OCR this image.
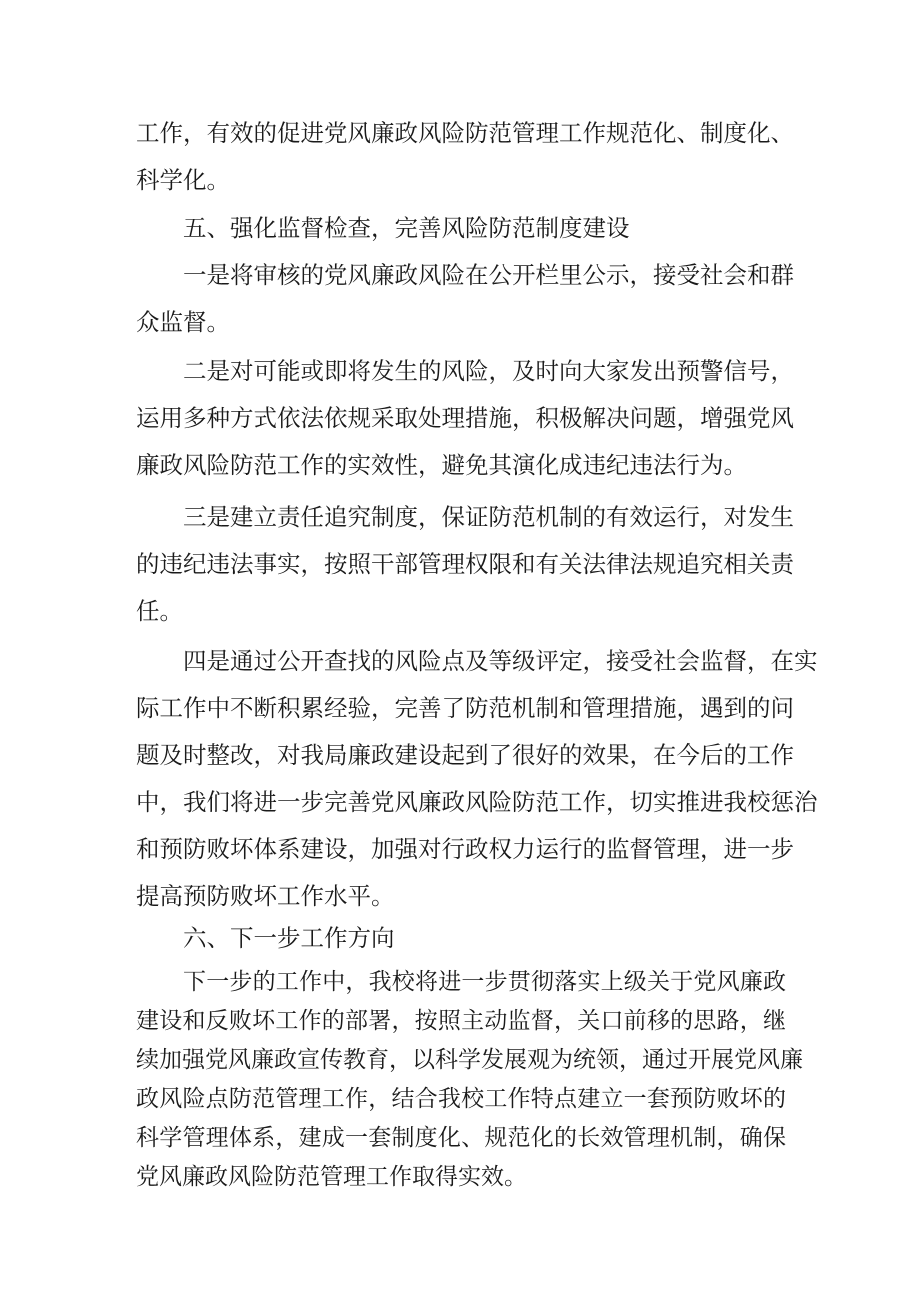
工作，有效的促进党风廉政风险防范管理工作规范化、制度化、
科学化。
五、强化监督检查，完善风险防范制度建设
一是将审核的党风廉政风险在公开栏里公示，接受社会和群
众监督。
二是对可能或即将发生的风险，及时向大家发出预警信号，
运用多种方式依法依规采取处理措施，积极解决问题，增强党风
廉政风险防范工作的实效性，避免其演化成违纪违法行为。
三是建立责任追究制度，保证防范机制的有效运行，对发生
的违纪违法事实，按照干部管理权限和有关法律法规追究相关责
任。
四是通过公开查找的风险点及等级评定，接受社会监督，在实
际工作中不断积累经验，完善了防范机制和管理措施，遇到的问
题及时整改，对我局廉政建设起到了很好的效果，在今后的工作
中，我们将进一步完善党风廉政风险防范工作，切实推进我校惩治
和预防败坏体系建设，加强对行政权力运行的监督管理，进一步
提高预防败坏工作水平。
六、下一步工作方向
下一步的工作中，我校将进一步贯彻落实上级关于党风廉政
建设和反败坏工作的部署，按照主动监督，关口前移的思路，继
续加强党风廉政宣传教育，以科学发展观为统领，通过开展党风廉
政风险点防范管理工作，结合我校工作特点建立一套预防败坏的
科学管理体系，建成一套制度化、规范化的长效管理机制，确保
党风廉政风险防范管理工作取得实效。
